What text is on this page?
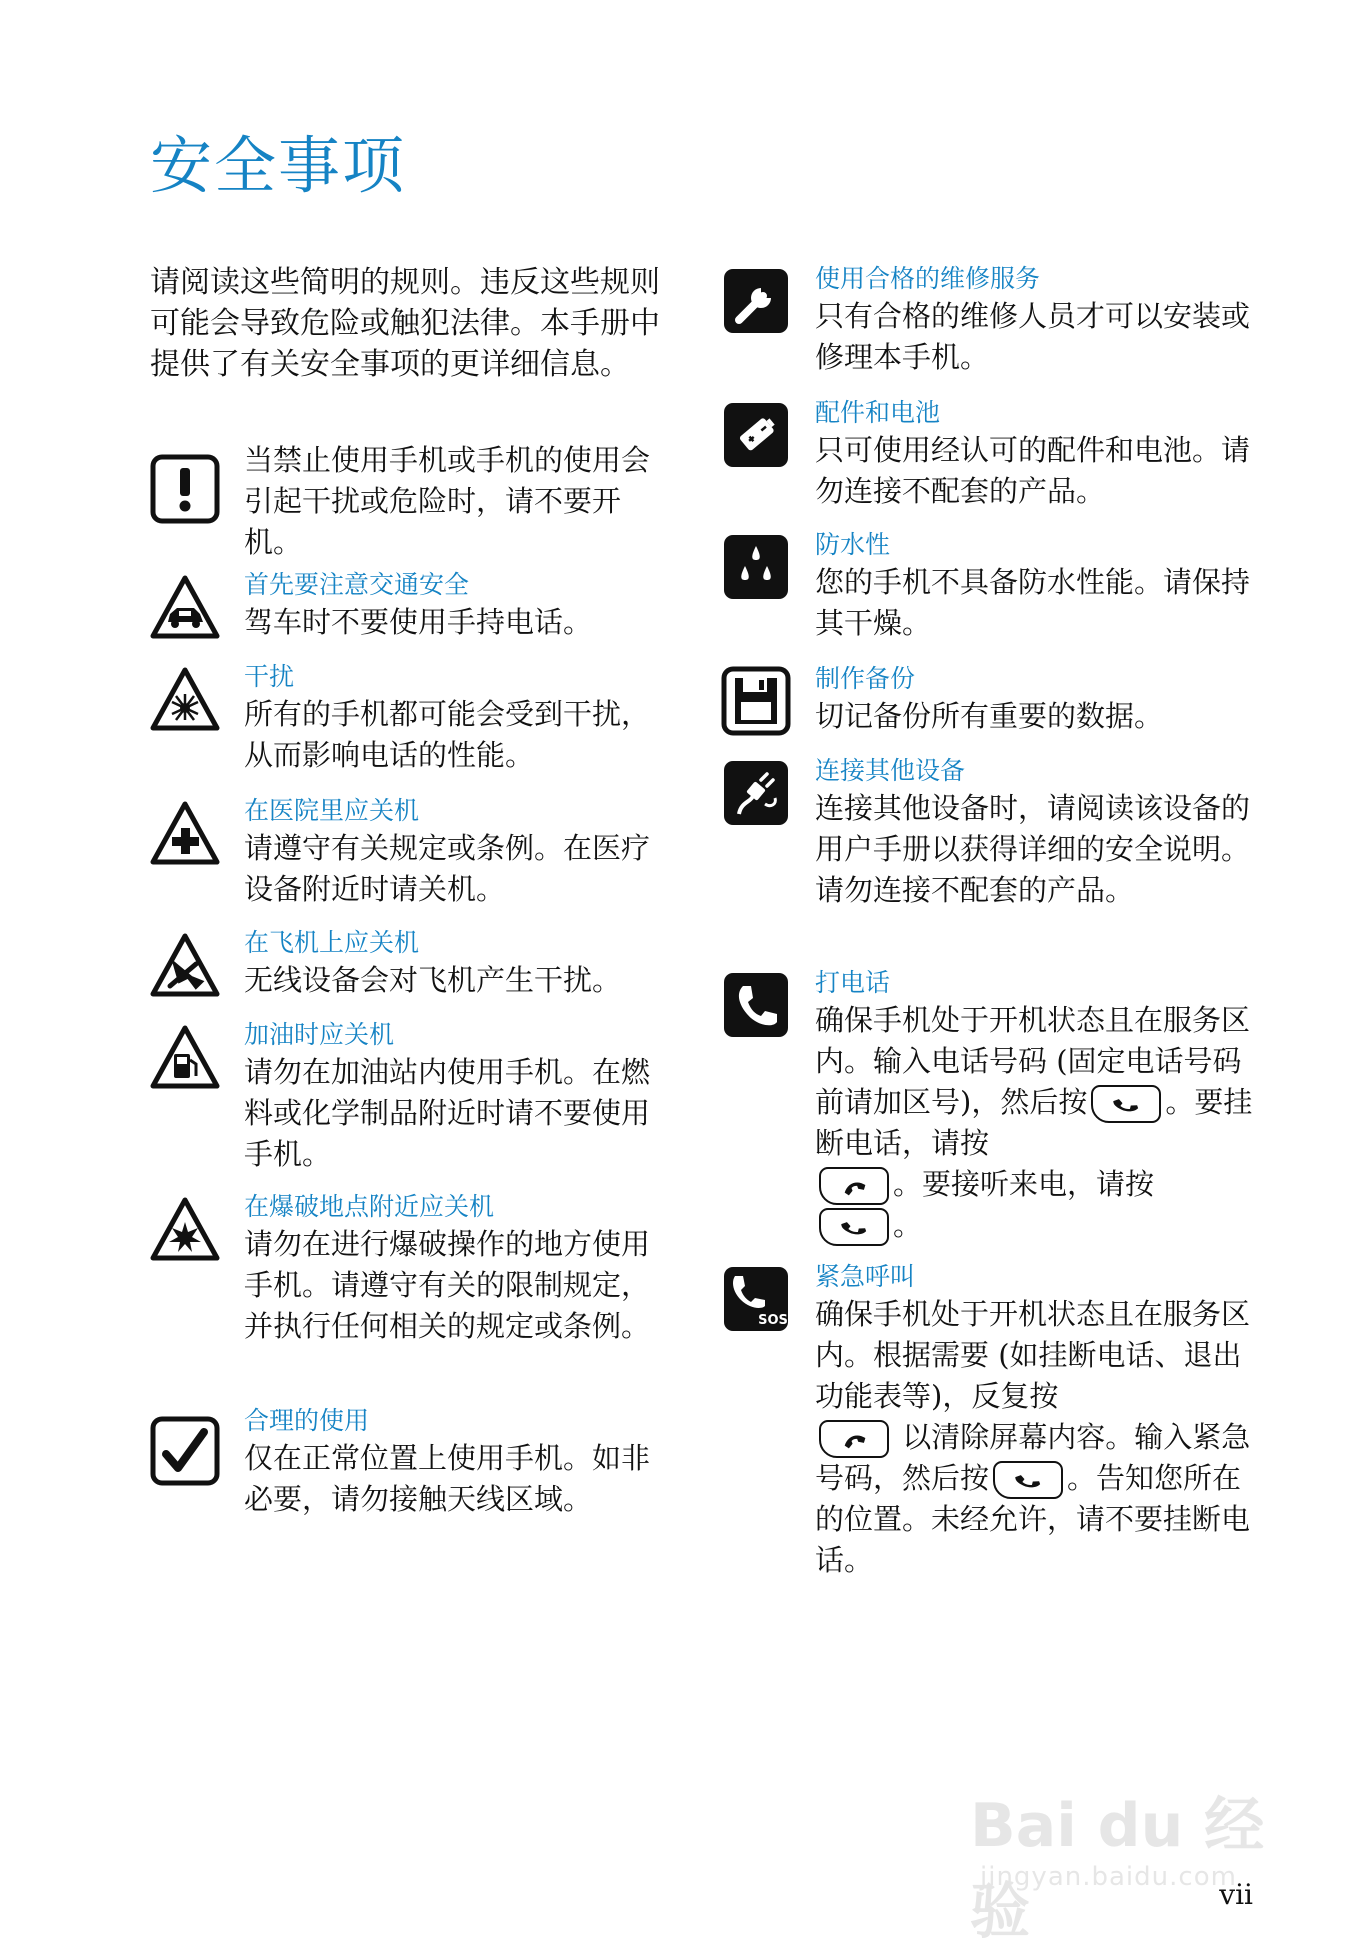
安全事项

请阅读这些简明的规则。违反这些规则可能会导致危险或触犯法律。本手册中提供了有关安全事项的更详细信息。

当禁止使用手机或手机的使用会引起干扰或危险时，请不要开机。
首先要注意交通安全
驾车时不要使用手持电话。
干扰
所有的手机都可能会受到干扰，从而影响电话的性能。
在医院里应关机
请遵守有关规定或条例。在医疗设备附近时请关机。
在飞机上应关机
无线设备会对飞机产生干扰。
加油时应关机
请勿在加油站内使用手机。在燃料或化学制品附近时请不要使用手机。
在爆破地点附近应关机
请勿在进行爆破操作的地方使用手机。请遵守有关的限制规定，并执行任何相关的规定或条例。
合理的使用
仅在正常位置上使用手机。如非必要，请勿接触天线区域。
使用合格的维修服务
只有合格的维修人员才可以安装或修理本手机。
配件和电池
只可使用经认可的配件和电池。请勿连接不配套的产品。
防水性
您的手机不具备防水性能。请保持其干燥。
制作备份
切记备份所有重要的数据。
连接其他设备
连接其他设备时，请阅读该设备的用户手册以获得详细的安全说明。请勿连接不配套的产品。
打电话
确保手机处于开机状态且在服务区内。输入电话号码 (固定电话号码前请加区号)，然后按	。要挂断电话，请按

。要接听来电，请按

。
SOS
紧急呼叫
确保手机处于开机状态且在服务区内。根据需要 (如挂断电话、退出功能表等)，反复按

以清除屏幕内容。输入紧急号码，然后按	。告知您所在的位置。未经允许，请不要挂断电话。
Bai du 经验
jingyan.baidu.com
vii
